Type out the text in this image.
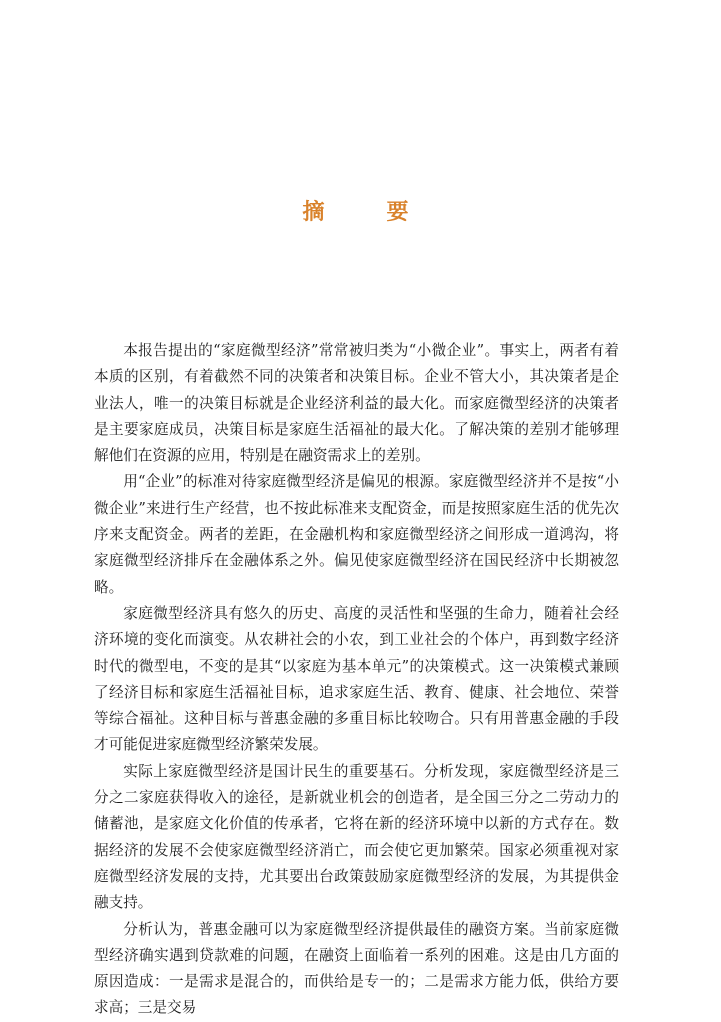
摘　要

本报告提出的“家庭微型经济”常常被归类为“小微企业”。事实上，两者有着本质的区别，有着截然不同的决策者和决策目标。企业不管大小，其决策者是企业法人，唯一的决策目标就是企业经济利益的最大化。而家庭微型经济的决策者是主要家庭成员，决策目标是家庭生活福祉的最大化。了解决策的差别才能够理解他们在资源的应用，特别是在融资需求上的差别。

用“企业”的标准对待家庭微型经济是偏见的根源。家庭微型经济并不是按“小微企业”来进行生产经营，也不按此标准来支配资金，而是按照家庭生活的优先次序来支配资金。两者的差距，在金融机构和家庭微型经济之间形成一道鸿沟，将家庭微型经济排斥在金融体系之外。偏见使家庭微型经济在国民经济中长期被忽略。

家庭微型经济具有悠久的历史、高度的灵活性和坚强的生命力，随着社会经济环境的变化而演变。从农耕社会的小农，到工业社会的个体户，再到数字经济时代的微型电，不变的是其“以家庭为基本单元”的决策模式。这一决策模式兼顾了经济目标和家庭生活福祉目标，追求家庭生活、教育、健康、社会地位、荣誉等综合福祉。这种目标与普惠金融的多重目标比较吻合。只有用普惠金融的手段才可能促进家庭微型经济繁荣发展。

实际上家庭微型经济是国计民生的重要基石。分析发现，家庭微型经济是三分之二家庭获得收入的途径，是新就业机会的创造者，是全国三分之二劳动力的储蓄池，是家庭文化价值的传承者，它将在新的经济环境中以新的方式存在。数据经济的发展不会使家庭微型经济消亡，而会使它更加繁荣。国家必须重视对家庭微型经济发展的支持，尤其要出台政策鼓励家庭微型经济的发展，为其提供金融支持。

分析认为，普惠金融可以为家庭微型经济提供最佳的融资方案。当前家庭微型经济确实遇到贷款难的问题，在融资上面临着一系列的困难。这是由几方面的原因造成：一是需求是混合的，而供给是专一的；二是需求方能力低，供给方要求高；三是交易
